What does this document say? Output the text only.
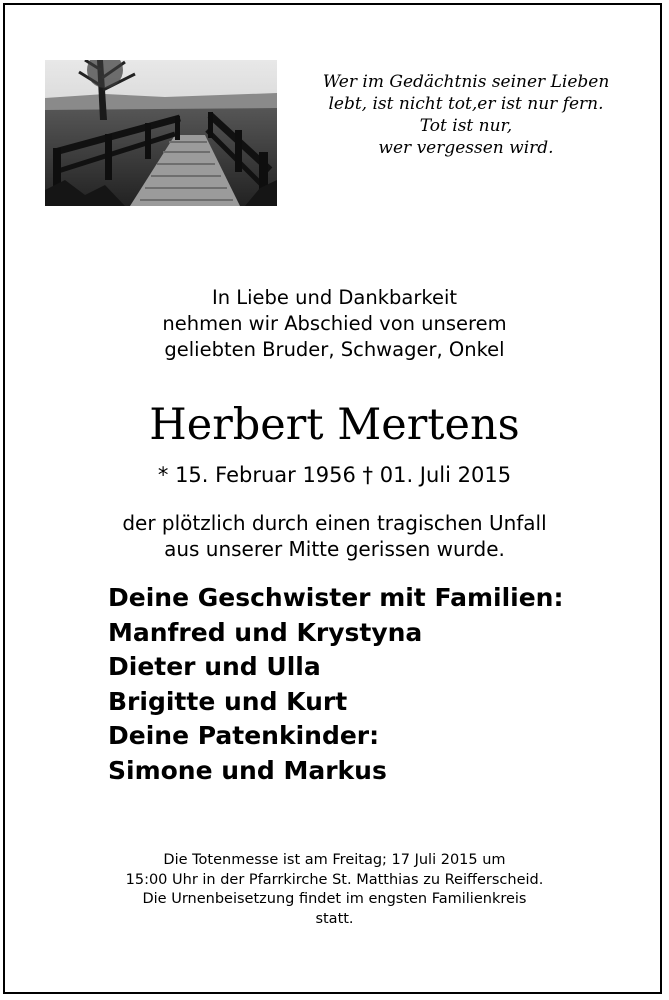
Wer im Gedächtnis seiner Lieben
lebt, ist nicht tot,er ist nur fern.
Tot ist nur,
wer vergessen wird.
In Liebe und Dankbarkeit
nehmen wir Abschied von unserem
geliebten Bruder, Schwager, Onkel
Herbert Mertens
* 15. Februar 1956 † 01. Juli 2015
der plötzlich durch einen tragischen Unfall
aus unserer Mitte gerissen wurde.
Deine Geschwister mit Familien:
Manfred und Krystyna
Dieter und Ulla
Brigitte und Kurt
Deine Patenkinder:
Simone und Markus
Die Totenmesse ist am Freitag; 17 Juli 2015 um
15:00 Uhr in der Pfarrkirche St. Matthias zu Reifferscheid.
Die Urnenbeisetzung findet im engsten Familienkreis
statt.
